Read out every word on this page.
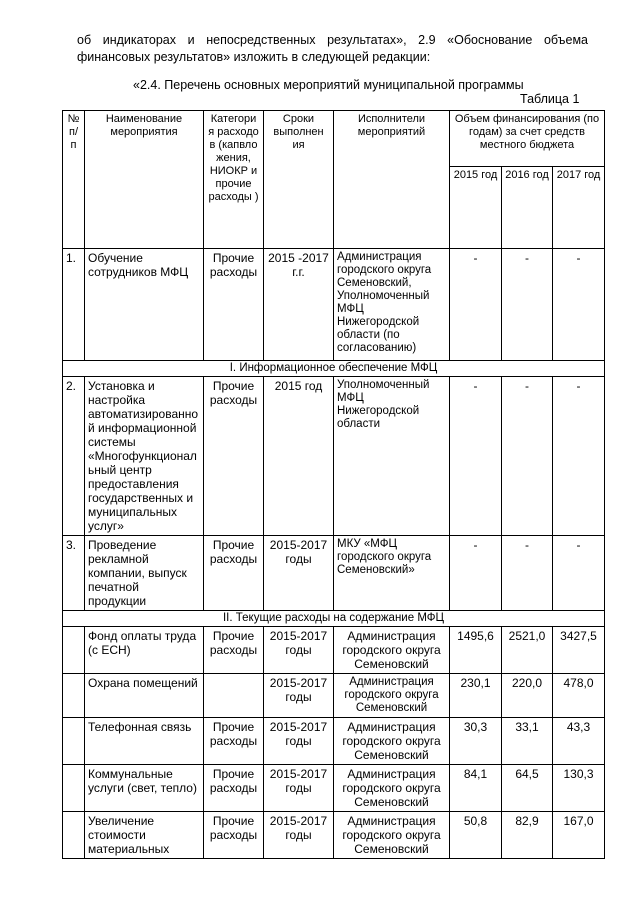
об индикаторах и непосредственных результатах», 2.9 «Обоснование объема финансовых результатов» изложить в следующей редакции:

«2.4. Перечень основных мероприятий муниципальной программы

Таблица 1

№ п/ п	Наименование мероприятия	Категори я расходо в (капвло жения, НИОКР и прочие расходы )	Сроки выполнен ия	Исполнители мероприятий	Объем финансирования (по годам) за счет средств местного бюджета		
					2015 год	2016 год	2017 год
1.	Обучение сотрудников МФЦ	Прочие расходы	2015 -2017 г.г.	Администрация городского округа Семеновский, Уполномоченный МФЦ Нижегородской области (по согласованию)	-	-	-
I. Информационное обеспечение МФЦ							
2.	Установка и настройка автоматизированно й информационной системы «Многофункционал ьный центр предоставления государственных и муниципальных услуг»	Прочие расходы	2015 год	Уполномоченный МФЦ Нижегородской области	-	-	-
3.	Проведение рекламной компании, выпуск печатной продукции	Прочие расходы	2015-2017 годы	МКУ «МФЦ городского округа Семеновский»	-	-	-
II. Текущие расходы на содержание МФЦ							
	Фонд оплаты труда (с ЕСН)	Прочие расходы	2015-2017 годы	Администрация городского округа Семеновский	1495,6	2521,0	3427,5
	Охрана помещений		2015-2017 годы	Администрация городского округа Семеновский	230,1	220,0	478,0
	Телефонная связь	Прочие расходы	2015-2017 годы	Администрация городского округа Семеновский	30,3	33,1	43,3
	Коммунальные услуги (свет, тепло)	Прочие расходы	2015-2017 годы	Администрация городского округа Семеновский	84,1	64,5	130,3
	Увеличение стоимости материальных	Прочие расходы	2015-2017 годы	Администрация городского округа Семеновский	50,8	82,9	167,0
